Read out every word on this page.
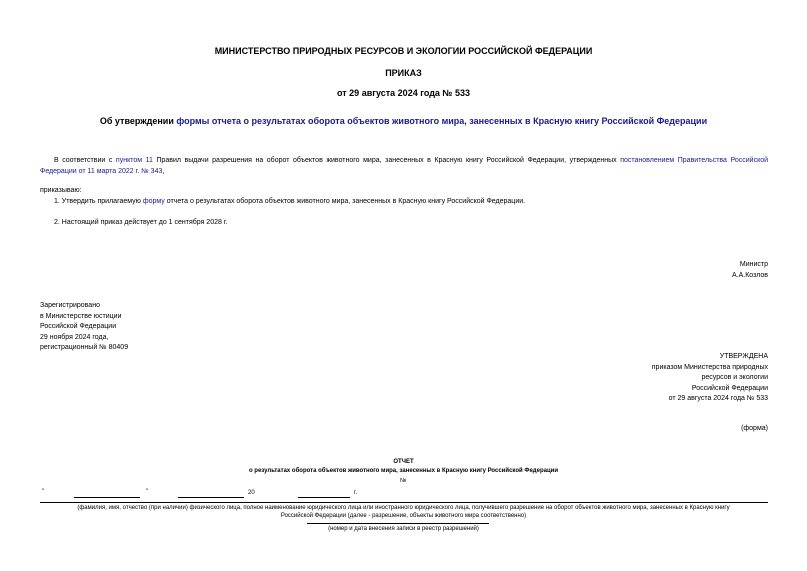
МИНИСТЕРСТВО ПРИРОДНЫХ РЕСУРСОВ И ЭКОЛОГИИ РОССИЙСКОЙ ФЕДЕРАЦИИ
ПРИКАЗ
от 29 августа 2024 года № 533
Об утверждении формы отчета о результатах оборота объектов животного мира, занесенных в Красную книгу Российской Федерации
В соответствии с пунктом 11 Правил выдачи разрешения на оборот объектов животного мира, занесенных в Красную книгу Российской Федерации, утвержденных постановлением Правительства Российской Федерации от 11 марта 2022 г. № 343,
приказываю:
1. Утвердить прилагаемую форму отчета о результатах оборота объектов животного мира, занесенных в Красную книгу Российской Федерации.
2. Настоящий приказ действует до 1 сентября 2028 г.
Министр
А.А.Козлов
Зарегистрировано
в Министерстве юстиции
Российской Федерации
29 ноября 2024 года,
регистрационный № 80409
УТВЕРЖДЕНА
приказом Министерства природных
ресурсов и экологии
Российской Федерации
от 29 августа 2024 года № 533
(форма)
ОТЧЕТ
о результатах оборота объектов животного мира, занесенных в Красную книгу Российской Федерации
№
"	"	20	г.
(фамилия, имя, отчество (при наличии) физического лица, полное наименование юридического лица или иностранного юридического лица, получившего разрешение на оборот объектов животного мира, занесенных в Красную книгу
Российской Федерации (далее - разрешение, объекты животного мира соответственно)
(номер и дата внесения записи в реестр разрешений)
